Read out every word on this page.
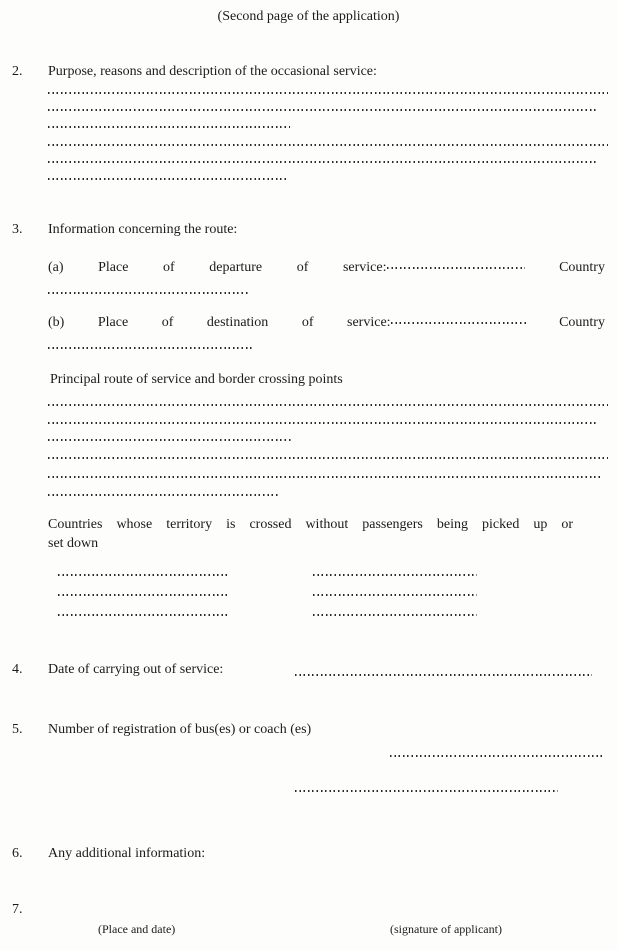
(Second page of the application)
2. Purpose, reasons and description of the occasional service:
3. Information concerning the route:
(a) Place of departure of service:	Country
(b) Place of destination of service:	Country
Principal route of service and border crossing points
Countries whose territory is crossed without passengers being picked up or
set down
4. Date of carrying out of service:
5. Number of registration of bus(es) or coach (es)
6. Any additional information:
7.
(Place and date)	(signature of applicant)
